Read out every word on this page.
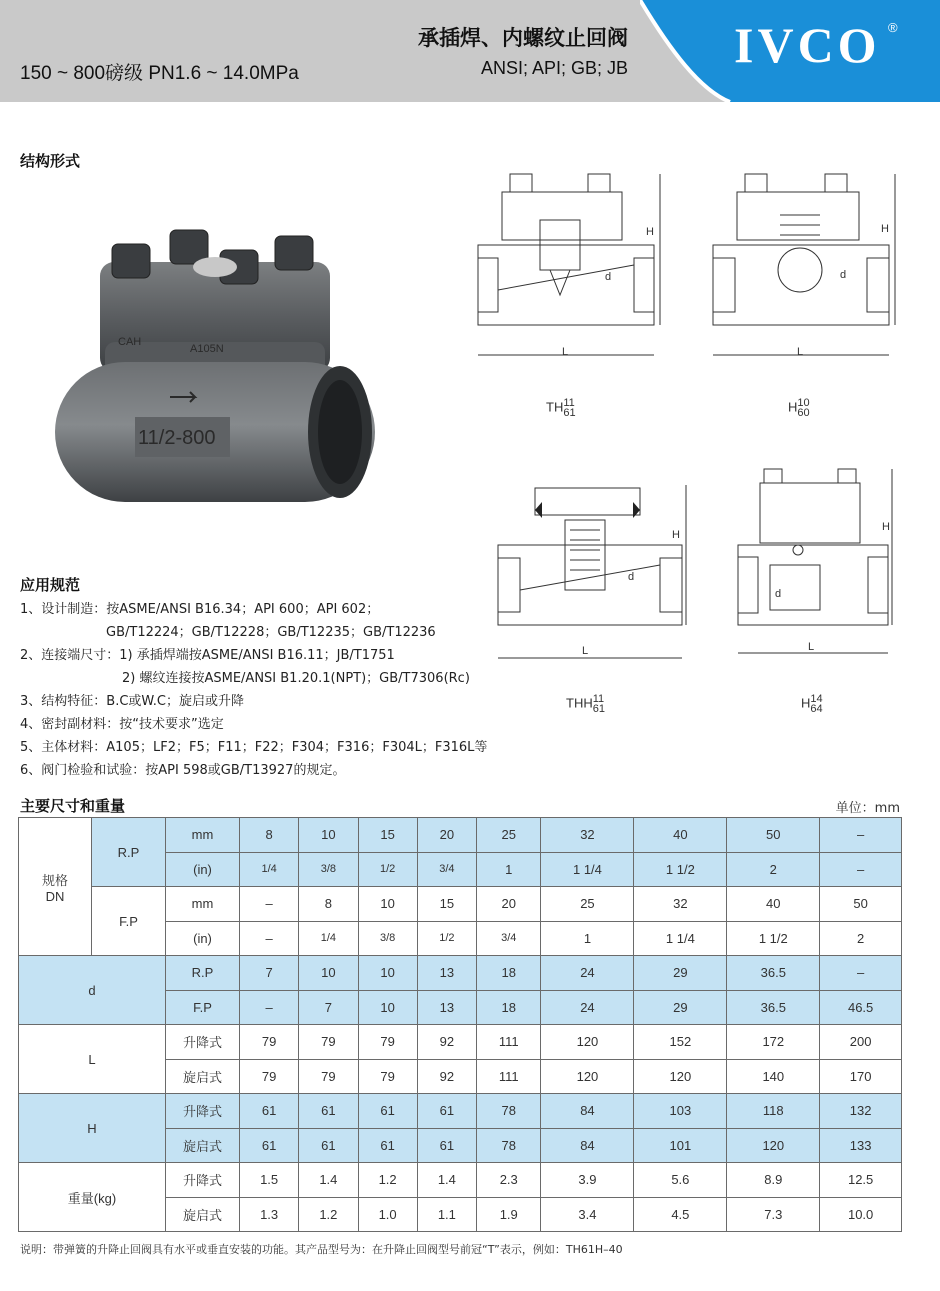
承插焊、内螺纹止回阀
150 ~ 800磅级 PN1.6 ~ 14.0MPa	ANSI; API; GB; JB IVCO ®
结构形式
CAH
A105N
11/2-800
H
L
d
TH 11
61
H
L
d
H 10
60
H
L
d
THH 11
61
H
L
d
H 14
64
应用规范
1、设计制造：按ASME/ANSI B16.34；API 600；API 602；
GB/T12224；GB/T12228；GB/T12235；GB/T12236
2、连接端尺寸：1) 承插焊端按ASME/ANSI B16.11；JB/T1751
2) 螺纹连接按ASME/ANSI B1.20.1(NPT)；GB/T7306(Rc)
3、结构特征：B.C或W.C；旋启或升降
4、密封副材料：按“技术要求”选定
5、主体材料：A105；LF2；F5；F11；F22；F304；F316；F304L；F316L等
6、阀门检验和试验：按API 598或GB/T13927的规定。
主要尺寸和重量	单位：mm
规格
DN	R.P	mm	8	10	15	20	25	32	40	50	–
		(in)	1/4	3/8	1/2	3/4	1	1 1/4	1 1/2	2	–
	F.P	mm	–	8	10	15	20	25	32	40	50
		(in)	–	1/4	3/8	1/2	3/4	1	1 1/4	1 1/2	2
d		R.P	7	10	10	13	18	24	29	36.5	–
		F.P	–	7	10	13	18	24	29	36.5	46.5
L		升降式	79	79	79	92	111	120	152	172	200
		旋启式	79	79	79	92	111	120	120	140	170
H		升降式	61	61	61	61	78	84	103	118	132
		旋启式	61	61	61	61	78	84	101	120	133
重量(kg)		升降式	1.5	1.4	1.2	1.4	2.3	3.9	5.6	8.9	12.5
		旋启式	1.3	1.2	1.0	1.1	1.9	3.4	4.5	7.3	10.0
说明：带弹簧的升降止回阀具有水平或垂直安装的功能。其产品型号为：在升降止回阀型号前冠“T”表示，例如：TH61H–40
